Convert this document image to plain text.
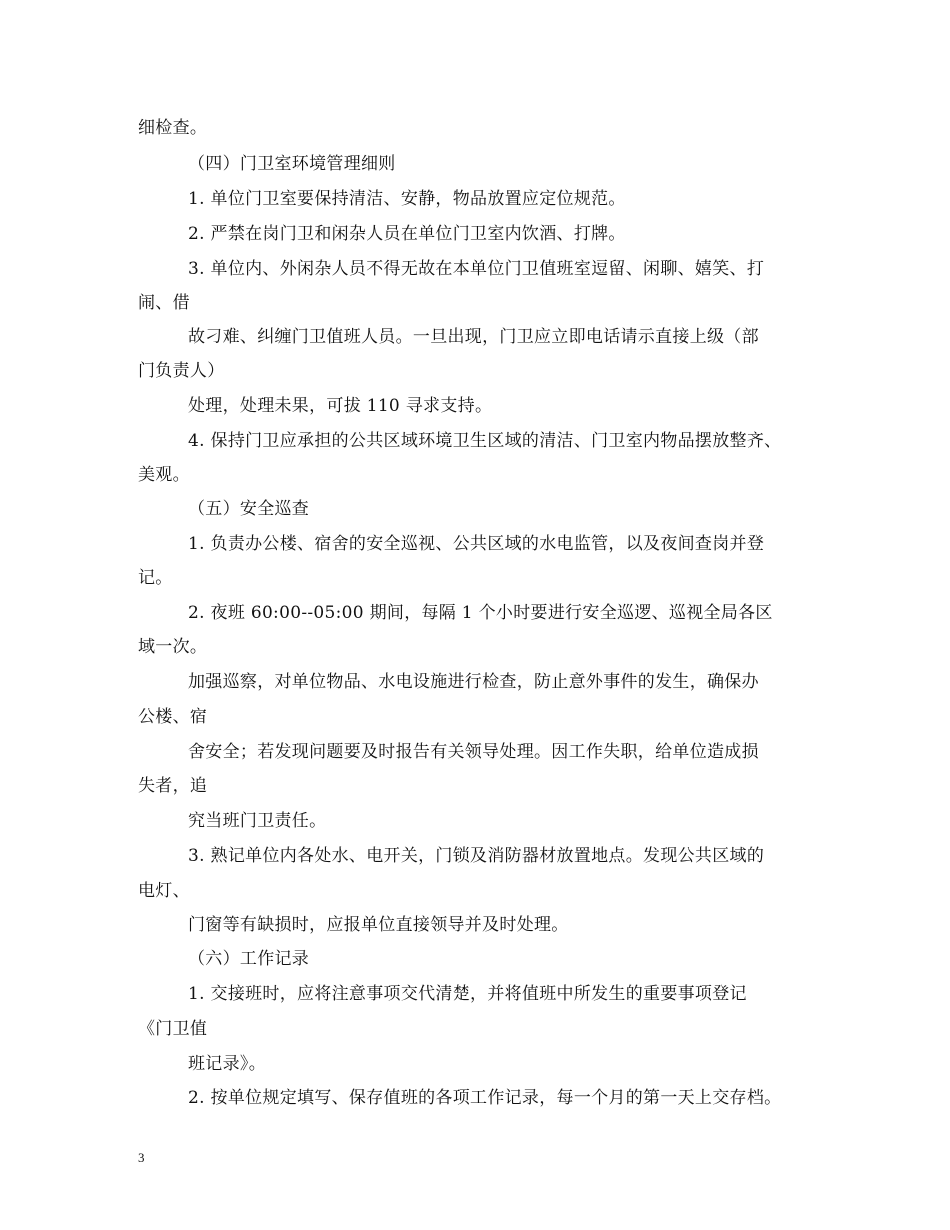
细检查。
（四）门卫室环境管理细则
1. 单位门卫室要保持清洁、安静，物品放置应定位规范。
2. 严禁在岗门卫和闲杂人员在单位门卫室内饮酒、打牌。
3. 单位内、外闲杂人员不得无故在本单位门卫值班室逗留、闲聊、嬉笑、打
闹、借
故刁难、纠缠门卫值班人员。一旦出现，门卫应立即电话请示直接上级（部
门负责人）
处理，处理未果，可拔 110 寻求支持。
4. 保持门卫应承担的公共区域环境卫生区域的清洁、门卫室内物品摆放整齐、
美观。
（五）安全巡查
1. 负责办公楼、宿舍的安全巡视、公共区域的水电监管，以及夜间查岗并登
记。
2. 夜班 60:00--05:00 期间，每隔 1 个小时要进行安全巡逻、巡视全局各区
域一次。
加强巡察，对单位物品、水电设施进行检查，防止意外事件的发生，确保办
公楼、宿
舍安全；若发现问题要及时报告有关领导处理。因工作失职，给单位造成损
失者，追
究当班门卫责任。
3. 熟记单位内各处水、电开关，门锁及消防器材放置地点。发现公共区域的
电灯、
门窗等有缺损时，应报单位直接领导并及时处理。
（六）工作记录
1. 交接班时，应将注意事项交代清楚，并将值班中所发生的重要事项登记
《门卫值
班记录》。
2. 按单位规定填写、保存值班的各项工作记录，每一个月的第一天上交存档。
3
